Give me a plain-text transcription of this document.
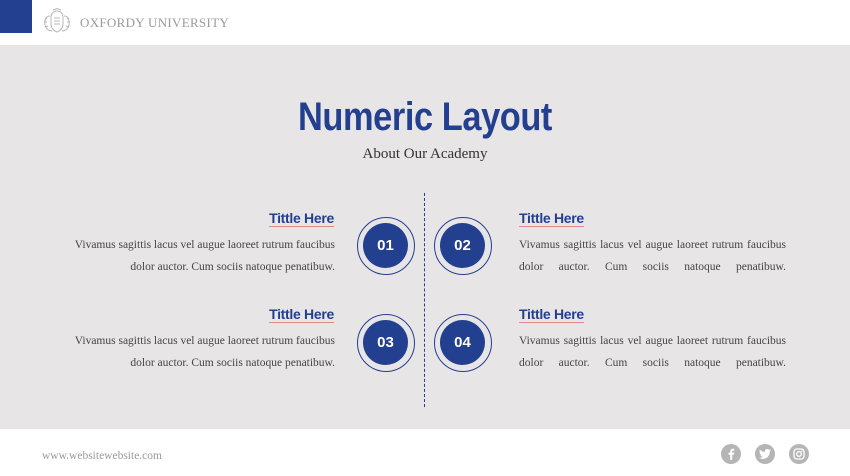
OXFORDY UNIVERSITY
Numeric Layout
About Our Academy
Tittle Here
Vivamus sagittis lacus vel augue laoreet rutrum faucibus dolor auctor. Cum sociis natoque penatibuw.
01
Tittle Here
Vivamus sagittis lacus vel augue laoreet rutrum faucibus dolor auctor. Cum sociis natoque penatibuw.
02
Tittle Here
Vivamus sagittis lacus vel augue laoreet rutrum faucibus dolor auctor. Cum sociis natoque penatibuw.
03
Tittle Here
Vivamus sagittis lacus vel augue laoreet rutrum faucibus dolor auctor. Cum sociis natoque penatibuw.
04
www.websitewebsite.com
